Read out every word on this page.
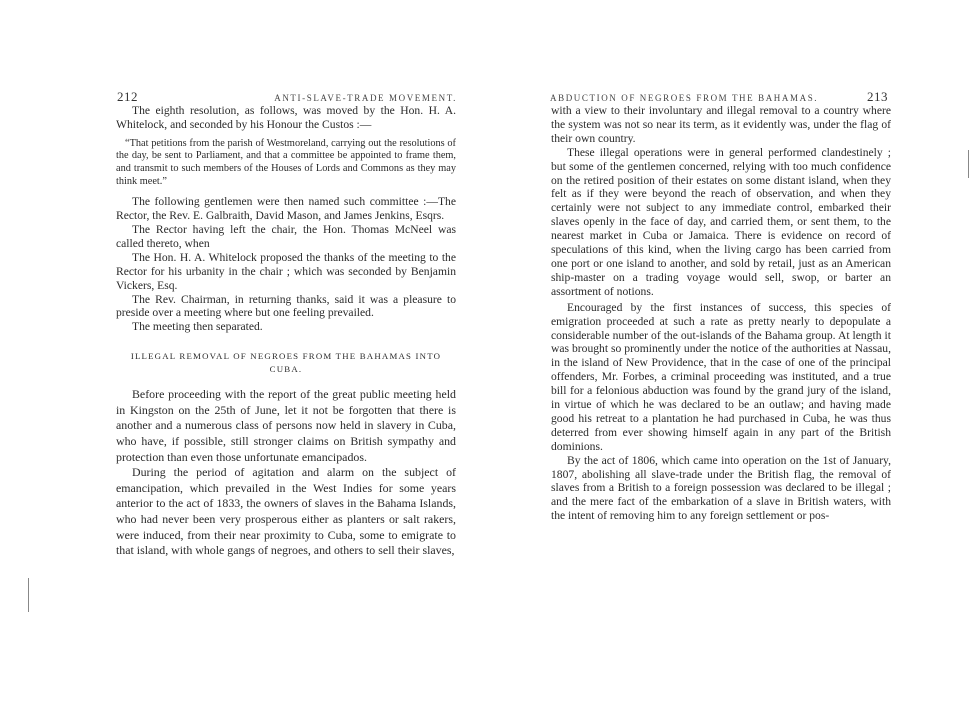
212	ANTI-SLAVE-TRADE MOVEMENT.

The eighth resolution, as follows, was moved by the Hon. H. A. Whitelock, and seconded by his Honour the Custos :—

“That petitions from the parish of Westmoreland, carrying out the resolutions of the day, be sent to Parliament, and that a committee be appointed to frame them, and transmit to such members of the Houses of Lords and Commons as they may think meet.”

The following gentlemen were then named such committee :—The Rector, the Rev. E. Galbraith, David Mason, and James Jenkins, Esqrs.

The Rector having left the chair, the Hon. Thomas McNeel was called thereto, when

The Hon. H. A. Whitelock proposed the thanks of the meeting to the Rector for his urbanity in the chair ; which was seconded by Benjamin Vickers, Esq.

The Rev. Chairman, in returning thanks, said it was a pleasure to preside over a meeting where but one feeling prevailed.

The meeting then separated.

ILLEGAL REMOVAL OF NEGROES FROM THE BAHAMAS INTO CUBA.

Before proceeding with the report of the great public meeting held in Kingston on the 25th of June, let it not be forgotten that there is another and a numerous class of persons now held in slavery in Cuba, who have, if possible, still stronger claims on British sympathy and protection than even those unfortunate emancipados.

During the period of agitation and alarm on the subject of emancipation, which prevailed in the West Indies for some years anterior to the act of 1833, the owners of slaves in the Bahama Islands, who had never been very prosperous either as planters or salt rakers, were induced, from their near proximity to Cuba, some to emigrate to that island, with whole gangs of negroes, and others to sell their slaves,

ABDUCTION OF NEGROES FROM THE BAHAMAS.	213

with a view to their involuntary and illegal removal to a country where the system was not so near its term, as it evidently was, under the flag of their own country.

These illegal operations were in general performed clandestinely ; but some of the gentlemen concerned, relying with too much confidence on the retired position of their estates on some distant island, when they felt as if they were beyond the reach of observation, and when they certainly were not subject to any immediate control, embarked their slaves openly in the face of day, and carried them, or sent them, to the nearest market in Cuba or Jamaica. There is evidence on record of speculations of this kind, when the living cargo has been carried from one port or one island to another, and sold by retail, just as an American ship-master on a trading voyage would sell, swop, or barter an assortment of notions.

Encouraged by the first instances of success, this species of emigration proceeded at such a rate as pretty nearly to depopulate a considerable number of the out-islands of the Bahama group. At length it was brought so prominently under the notice of the authorities at Nassau, in the island of New Providence, that in the case of one of the principal offenders, Mr. Forbes, a criminal proceeding was instituted, and a true bill for a felonious abduction was found by the grand jury of the island, in virtue of which he was declared to be an outlaw; and having made good his retreat to a plantation he had purchased in Cuba, he was thus deterred from ever showing himself again in any part of the British dominions.

By the act of 1806, which came into operation on the 1st of January, 1807, abolishing all slave-trade under the British flag, the removal of slaves from a British to a foreign possession was declared to be illegal ; and the mere fact of the embarkation of a slave in British waters, with the intent of removing him to any foreign settlement or pos-
